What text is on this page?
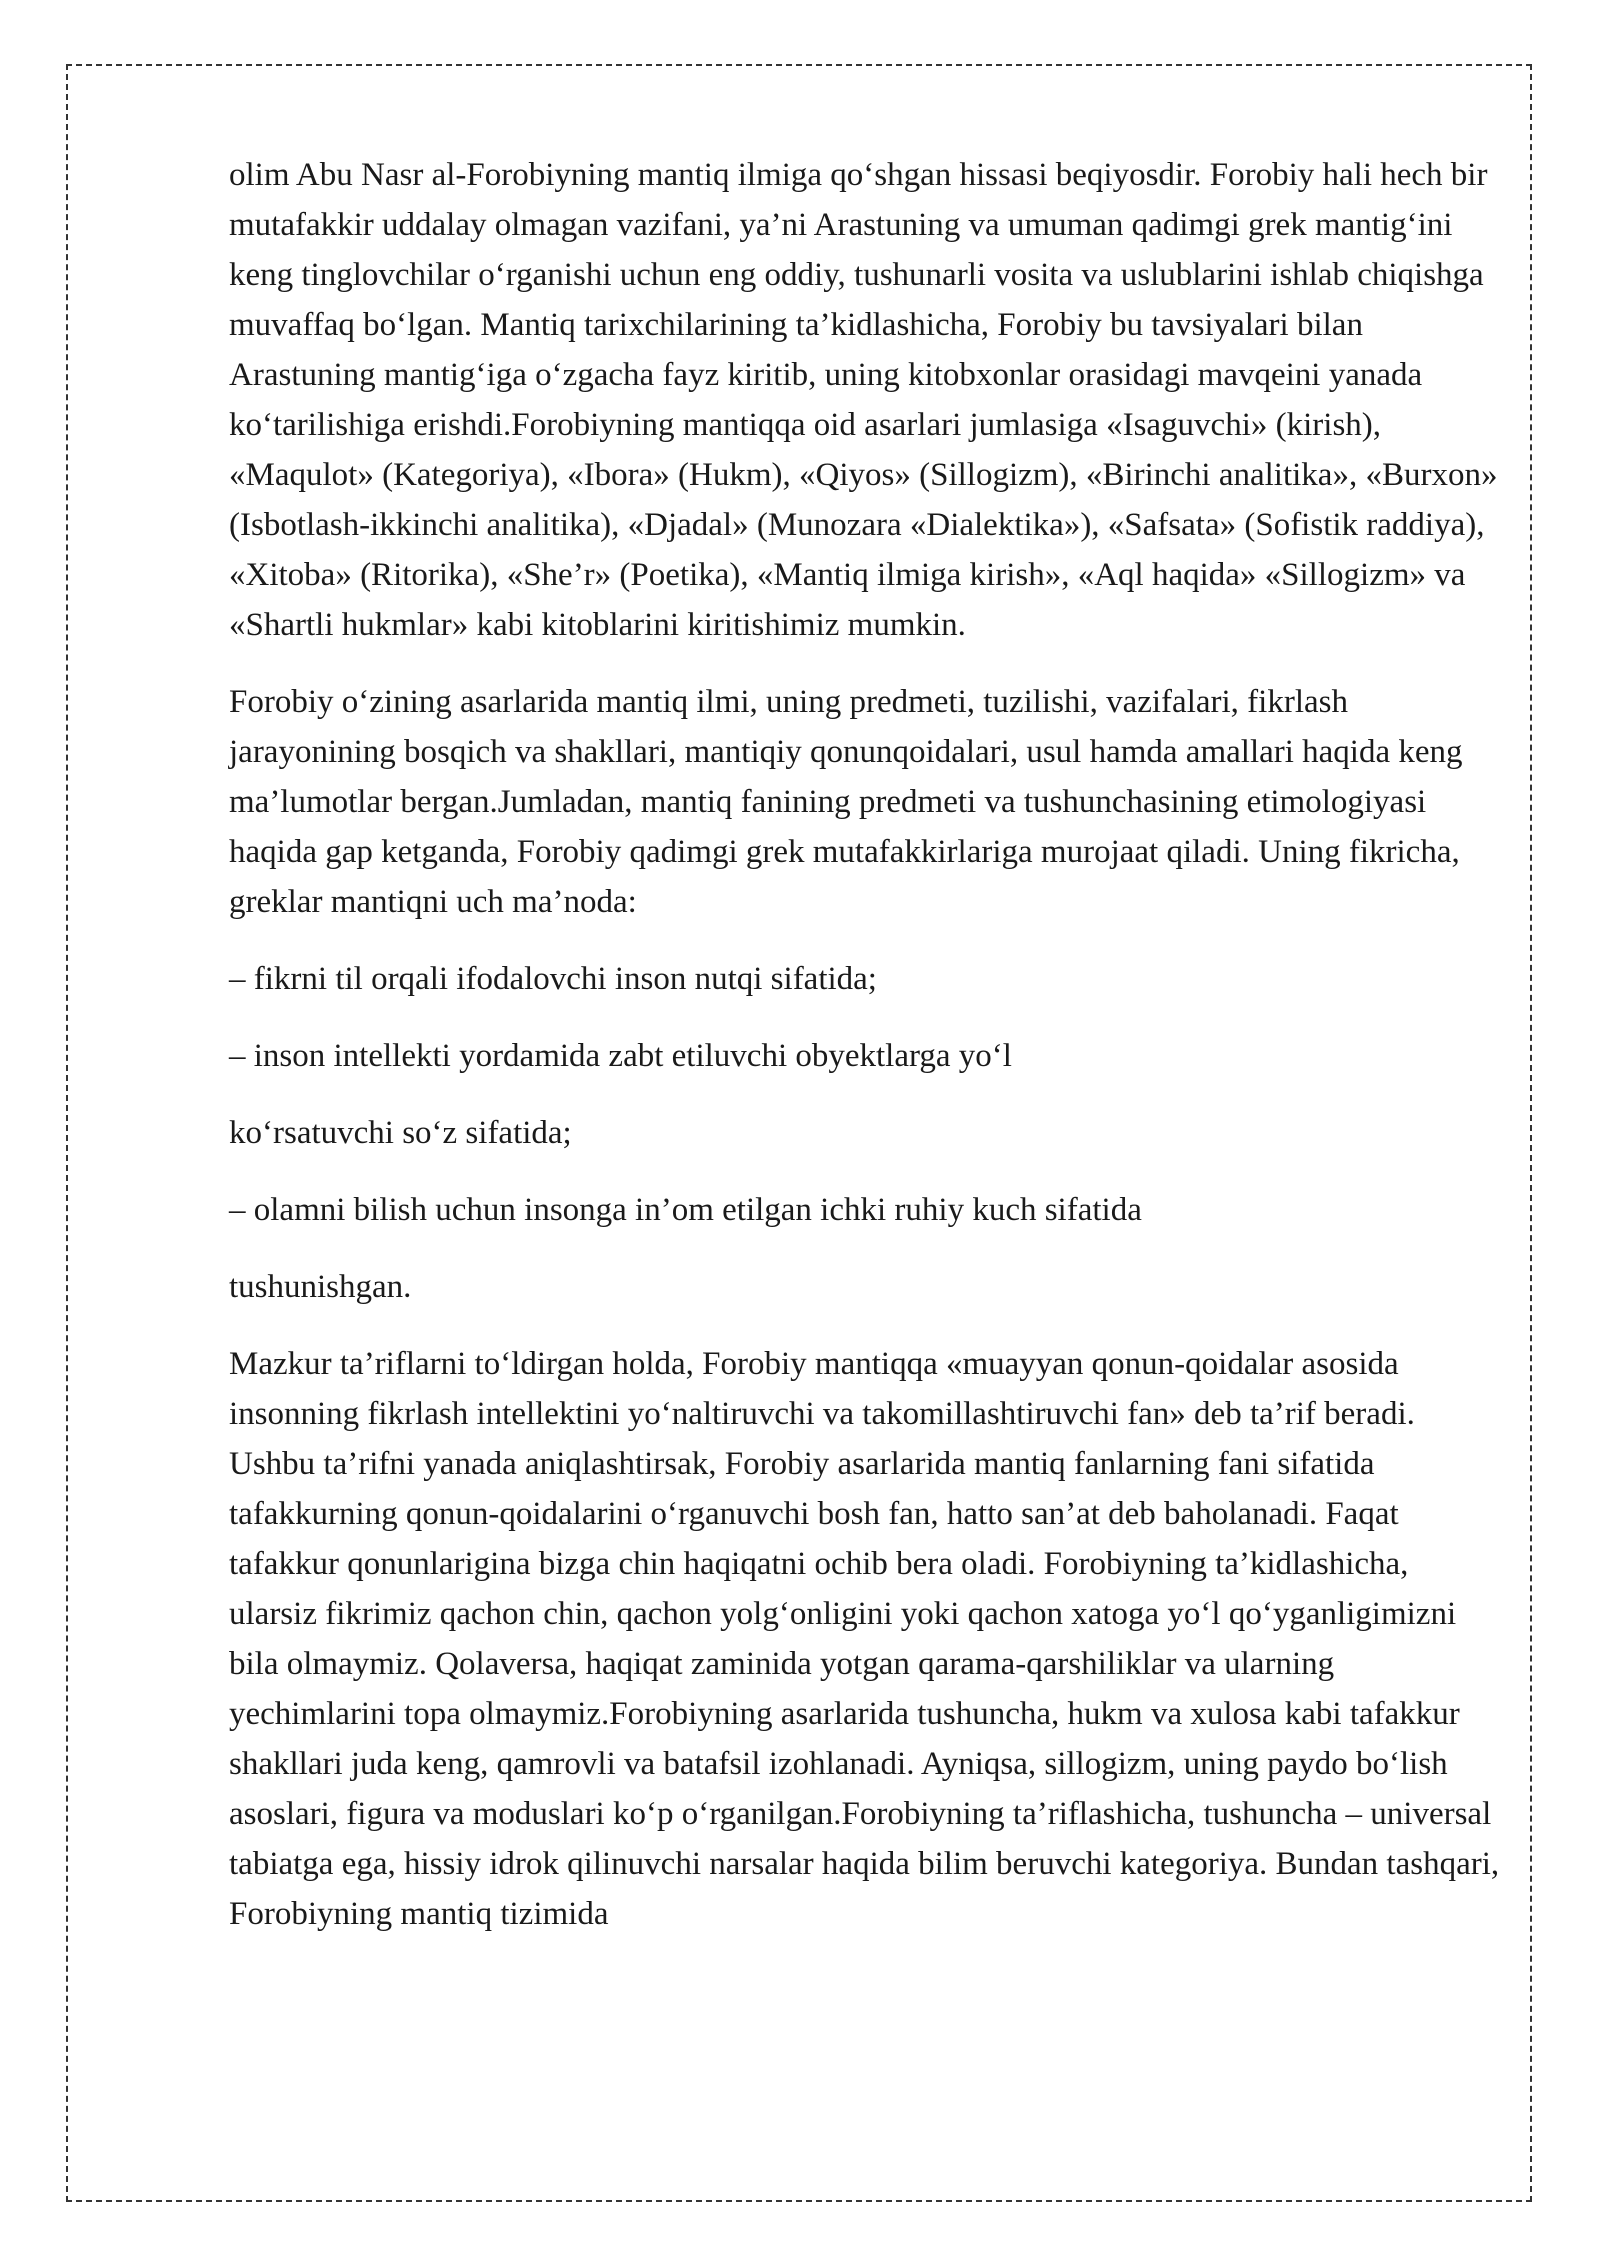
olim Abu Nasr al-Forobiyning mantiq ilmiga qo‘shgan hissasi beqiyosdir. Forobiy hali hech bir mutafakkir uddalay olmagan vazifani, ya’ni Arastuning va umuman qadimgi grek mantig‘ini keng tinglovchilar o‘rganishi uchun eng oddiy, tushunarli vosita va uslublarini ishlab chiqishga muvaffaq bo‘lgan. Mantiq tarixchilarining ta’kidlashicha, Forobiy bu tavsiyalari bilan Arastuning mantig‘iga o‘zgacha fayz kiritib, uning kitobxonlar orasidagi mavqeini yanada ko‘tarilishiga erishdi.Forobiyning mantiqqa oid asarlari jumlasiga «Isaguvchi» (kirish), «Maqulot» (Kategoriya), «Ibora» (Hukm), «Qiyos» (Sillogizm), «Birinchi analitika», «Burxon» (Isbotlash-ikkinchi analitika), «Djadal» (Munozara «Dialektika»), «Safsata» (Sofistik raddiya), «Xitoba» (Ritorika), «She’r» (Poetika), «Mantiq ilmiga kirish», «Aql haqida» «Sillogizm» va «Shartli hukmlar» kabi kitoblarini kiritishimiz mumkin.

Forobiy o‘zining asarlarida mantiq ilmi, uning predmeti, tuzilishi, vazifalari, fikrlash jarayonining bosqich va shakllari, mantiqiy qonunqoidalari, usul hamda amallari haqida keng ma’lumotlar bergan.Jumladan, mantiq fanining predmeti va tushunchasining etimologiyasi haqida gap ketganda, Forobiy qadimgi grek mutafakkirlariga murojaat qiladi. Uning fikricha, greklar mantiqni uch ma’noda:

– fikrni til orqali ifodalovchi inson nutqi sifatida;

– inson intellekti yordamida zabt etiluvchi obyektlarga yo‘l

ko‘rsatuvchi so‘z sifatida;

– olamni bilish uchun insonga in’om etilgan ichki ruhiy kuch sifatida

tushunishgan.

Mazkur ta’riflarni to‘ldirgan holda, Forobiy mantiqqa «muayyan qonun-qoidalar asosida insonning fikrlash intellektini yo‘naltiruvchi va takomillashtiruvchi fan» deb ta’rif beradi. Ushbu ta’rifni yanada aniqlashtirsak, Forobiy asarlarida mantiq fanlarning fani sifatida tafakkurning qonun-qoidalarini o‘rganuvchi bosh fan, hatto san’at deb baholanadi. Faqat tafakkur qonunlarigina bizga chin haqiqatni ochib bera oladi. Forobiyning ta’kidlashicha, ularsiz fikrimiz qachon chin, qachon yolg‘onligini yoki qachon xatoga yo‘l qo‘yganligimizni bila olmaymiz. Qolaversa, haqiqat zaminida yotgan qarama-qarshiliklar va ularning yechimlarini topa olmaymiz.Forobiyning asarlarida tushuncha, hukm va xulosa kabi tafakkur shakllari juda keng, qamrovli va batafsil izohlanadi. Ayniqsa, sillogizm, uning paydo bo‘lish asoslari, figura va moduslari ko‘p o‘rganilgan.Forobiyning ta’riflashicha, tushuncha – universal tabiatga ega, hissiy idrok qilinuvchi narsalar haqida bilim beruvchi kategoriya. Bundan tashqari, Forobiyning mantiq tizimida
